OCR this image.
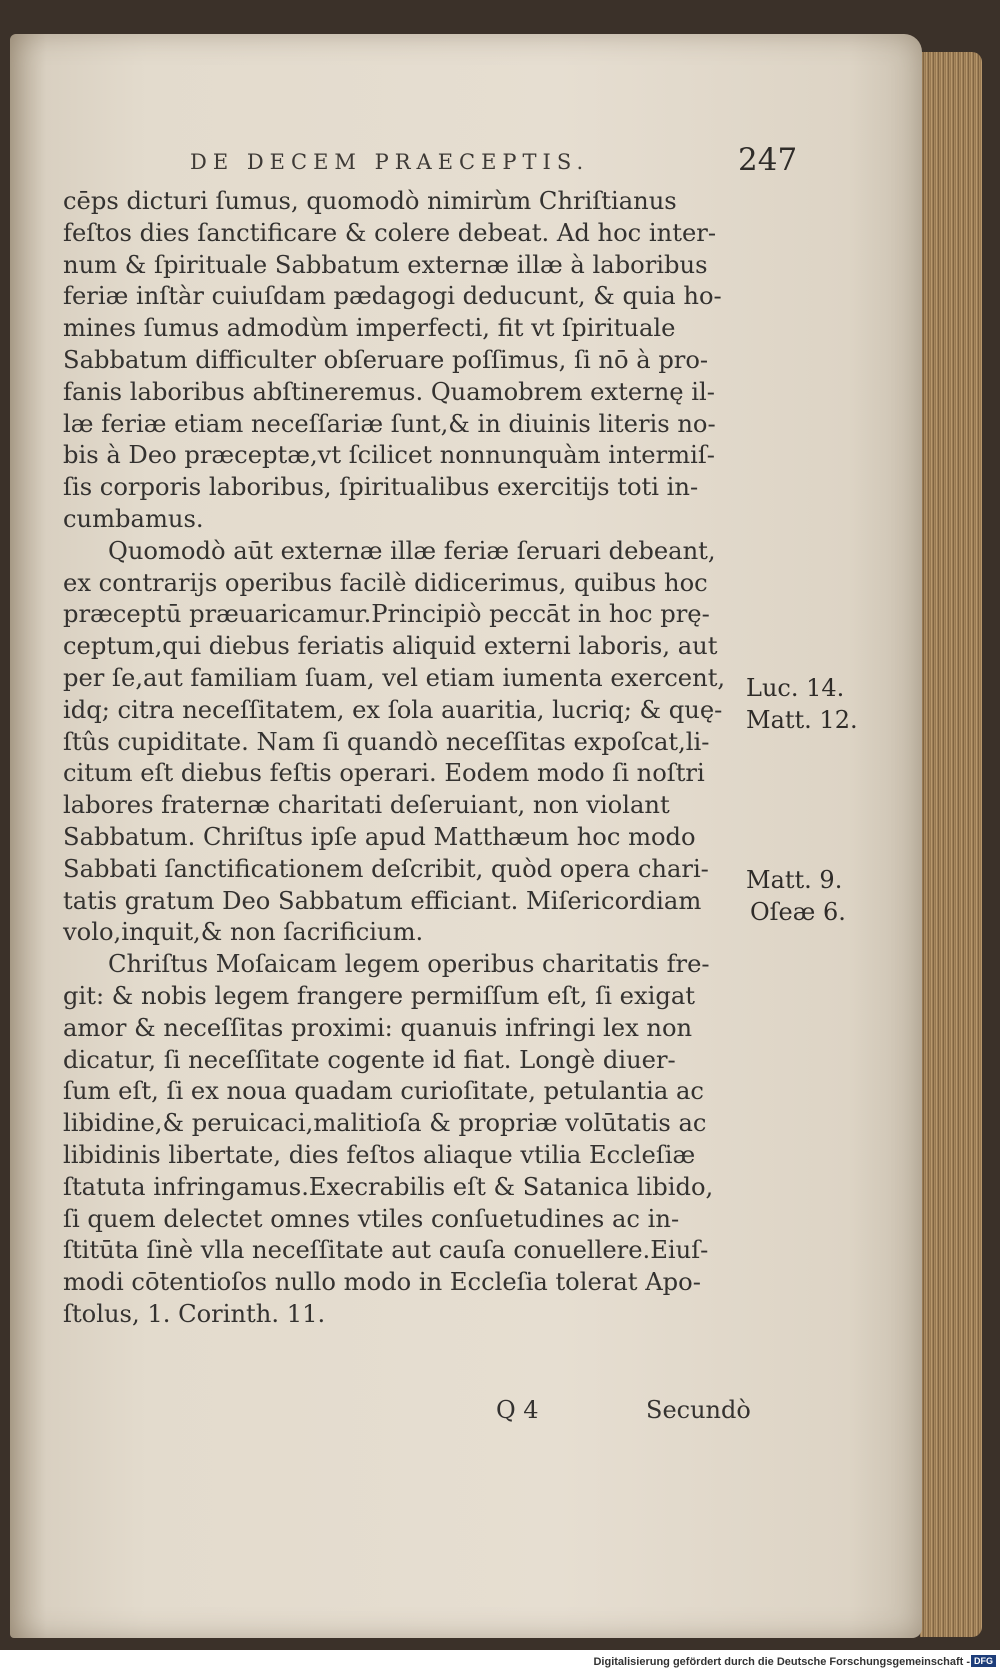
DE DECEM PRAECEPTIS.	247
cēps dicturi ſumus, quomodò nimirùm Chriſtianus
feſtos dies ſanctificare & colere debeat. Ad hoc inter-
num & ſpirituale Sabbatum externæ illæ à laboribus
feriæ inſtàr cuiuſdam pædagogi deducunt, & quia ho-
mines ſumus admodùm imperfecti, fit vt ſpirituale
Sabbatum difficulter obſeruare poſſimus, ſi nō à pro-
fanis laboribus abſtineremus. Quamobrem externę il-
læ feriæ etiam neceſſariæ ſunt,& in diuinis literis no-
bis à Deo præceptæ,vt ſcilicet nonnunquàm intermiſ-
ſis corporis laboribus, ſpiritualibus exercitijs toti in-
cumbamus.
Quomodò aūt externæ illæ feriæ ſeruari debeant,
ex contrarijs operibus facilè didicerimus, quibus hoc
præceptū præuaricamur.Principiò peccāt in hoc prę-
ceptum,qui diebus feriatis aliquid externi laboris, aut
per ſe,aut familiam ſuam, vel etiam iumenta exercent,
idq; citra neceſſitatem, ex ſola auaritia, lucriq; & quę-
ſtûs cupiditate. Nam ſi quandò neceſſitas expoſcat,li-
citum eſt diebus feſtis operari. Eodem modo ſi noſtri
labores fraternæ charitati deſeruiant, non violant
Sabbatum. Chriſtus ipſe apud Matthæum hoc modo
Sabbati ſanctificationem deſcribit, quòd opera chari-
tatis gratum Deo Sabbatum efficiant. Miſericordiam
volo,inquit,& non ſacrificium.
Chriſtus Moſaicam legem operibus charitatis fre-
git: & nobis legem frangere permiſſum eſt, ſi exigat
amor & neceſſitas proximi: quanuis infringi lex non
dicatur, ſi neceſſitate cogente id fiat. Longè diuer-
ſum eſt, ſi ex noua quadam curioſitate, petulantia ac
libidine,& peruicaci,malitioſa & propriæ volūtatis ac
libidinis libertate, dies feſtos aliaque vtilia Eccleſiæ
ſtatuta infringamus.Execrabilis eſt & Satanica libido,
ſi quem delectet omnes vtiles conſuetudines ac in-
ſtitūta ſinè vlla neceſſitate aut cauſa conuellere.Eiuſ-
modi cōtentioſos nullo modo in Eccleſia tolerat Apo-
ſtolus, 1. Corinth. 11.
Luc. 14.
Matt. 12.
Matt. 9.
Oſeæ 6.
Q 4	Secundò
Digitalisierung gefördert durch die Deutsche Forschungsgemeinschaft - DFG
